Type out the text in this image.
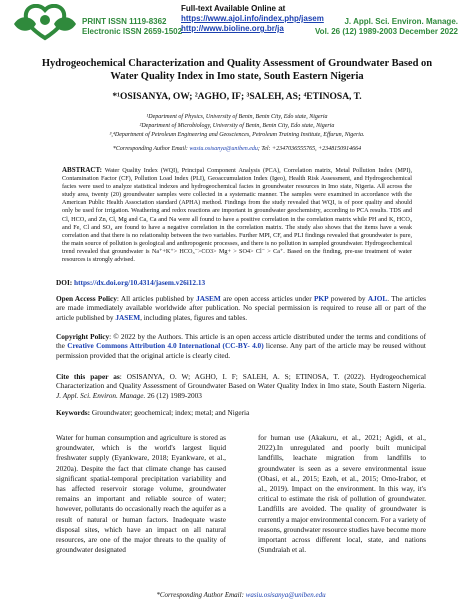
PRINT ISSN 1119-8362
Electronic ISSN 2659-1502
Full-text Available Online at
https://www.ajol.info/index.php/jasem
http://www.bioline.org.br/ja
J. Appl. Sci. Environ. Manage.
Vol. 26 (12) 1989-2003 December 2022
Hydrogeochemical Characterization and Quality Assessment of Groundwater Based on Water Quality Index in Imo state, South Eastern Nigeria
*¹OSISANYA, OW; ²AGHO, IF; ³SALEH, AS; ⁴ETINOSA, T.
¹Department of Physics, University of Benin, Benin City, Edo state, Nigeria
²Department of Microbiology, University of Benin, Benin City, Edo state, Nigeria
³,⁴Department of Petroleum Engineering and Geosciences, Petroleum Training Institute, Effurun, Nigeria.
*Corresponding Author Email: wasiu.osisanya@uniben.edu; Tel: +2347036555765, +2348150914664
ABSTRACT: Water Quality Index (WQI), Principal Component Analysis (PCA), Correlation matrix, Metal Pollution Index (MPI), Contamination Factor (CF), Pollution Load Index (PLI), Geoaccumulation Index (Igeo), Health Risk Assessment, and Hydrogeochemical facies were used to analyze statistical indexes and hydrogeochemical facies in groundwater resources in Imo state, Nigeria. All across the study area, twenty (20) groundwater samples were collected in a systematic manner. The samples were examined in accordance with the American Public Health Association standard (APHA) method. Findings from the study revealed that WQI, is of poor quality and should only be used for irrigation. Weathering and redox reactions are important in groundwater geochemistry, according to PCA results. TDS and Cl, HCO₃ and Zn, Cl, Mg and Ca, Ca and Na were all found to have a positive correlation in the correlation matrix while PH and K, HCO₃ and Fe, Cl and SO₄ are found to have a negative correlation in the correlation matrix. The study also shows that the items have a weak correlation and that there is no relationship between the two variables. Further MPI, CF, and PLI findings revealed that groundwater is pure, the main source of pollution is geological and anthropogenic processes, and there is no pollution in sampled groundwater. Hydrogeochemical trend revealed that groundwater is Na⁺+K⁺> HCO₃⁻>CO3> Mg+ > SO4> Cl⁻ > Ca⁺. Based on the finding, pre-use treatment of water resources is strongly advised.
DOI: https://dx.doi.org/10.4314/jasem.v26i12.13
Open Access Policy: All articles published by JASEM are open access articles under PKP powered by AJOL. The articles are made immediately available worldwide after publication. No special permission is required to reuse all or part of the article published by JASEM, including plates, figures and tables.
Copyright Policy: © 2022 by the Authors. This article is an open access article distributed under the terms and conditions of the Creative Commons Attribution 4.0 International (CC-BY- 4.0) license. Any part of the article may be reused without permission provided that the original article is clearly cited.
Cite this paper as: OSISANYA, O. W; AGHO, I. F; SALEH, A. S; ETINOSA, T. (2022). Hydrogeochemical Characterization and Quality Assessment of Groundwater Based on Water Quality Index in Imo state, South Eastern Nigeria. J. Appl. Sci. Environ. Manage. 26 (12) 1989-2003
Keywords: Groundwater; geochemical; index; metal; and Nigeria
Water for human consumption and agriculture is stored as groundwater, which is the world's largest liquid freshwater supply (Eyankware, 2018; Eyankware, et al., 2020a). Despite the fact that climate change has caused significant spatial-temporal precipitation variability and has affected reservoir storage volume, groundwater remains an important and reliable source of water; however, pollutants do occasionally reach the aquifer as a result of natural or human factors. Inadequate waste disposal sites, which have an impact on all natural resources, are one of the major threats to the quality of groundwater designated
for human use (Akakuru, et al., 2021; Agidi, et al., 2022).In unregulated and poorly built municipal landfills, leachate migration from landfills to groundwater is seen as a severe environmental issue (Obasi, et al., 2015; Ezeh, et al., 2015; Omo-Irabor, et al., 2019). Impact on the environment. In this way, it's critical to estimate the risk of pollution of groundwater. Landfills are avoided. The quality of groundwater is currently a major environmental concern. For a variety of reasons, groundwater resource studies have become more important across different local, state, and nations (Sundraiah et al.
*Corresponding Author Email: wasiu.osisanya@uniben.edu
